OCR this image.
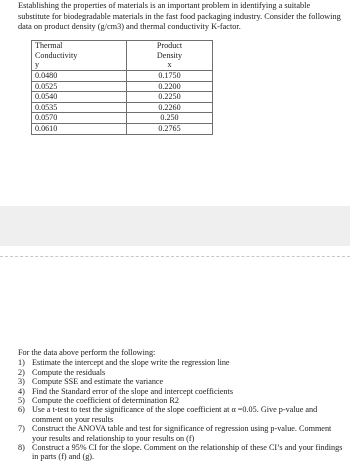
Establishing the properties of materials is an important problem in identifying a suitable substitute for biodegradable materials in the fast food packaging industry. Consider the following data on product density (g/cm3) and thermal conductivity K-factor.

Thermal
Conductivity
y	Product
Density
x

0.0480	0.1750
0.0525	0.2200
0.0540	0.2250
0.0535	0.2260
0.0570	0.250
0.0610	0.2765

For the data above perform the following:

1) Estimate the intercept and the slope write the regression line
2) Compute the residuals
3) Compute SSE and estimate the variance
4) Find the Standard error of the slope and intercept coefficients
5) Compute the coefficient of determination R2
6) Use a t-test to test the significance of the slope coefficient at α =0.05. Give p-value and comment on your results
7) Construct the ANOVA table and test for significance of regression using p-value. Comment your results and relationship to your results on (f)
8) Construct a 95% CI for the slope. Comment on the relationship of these CI’s and your findings in parts (f) and (g).
